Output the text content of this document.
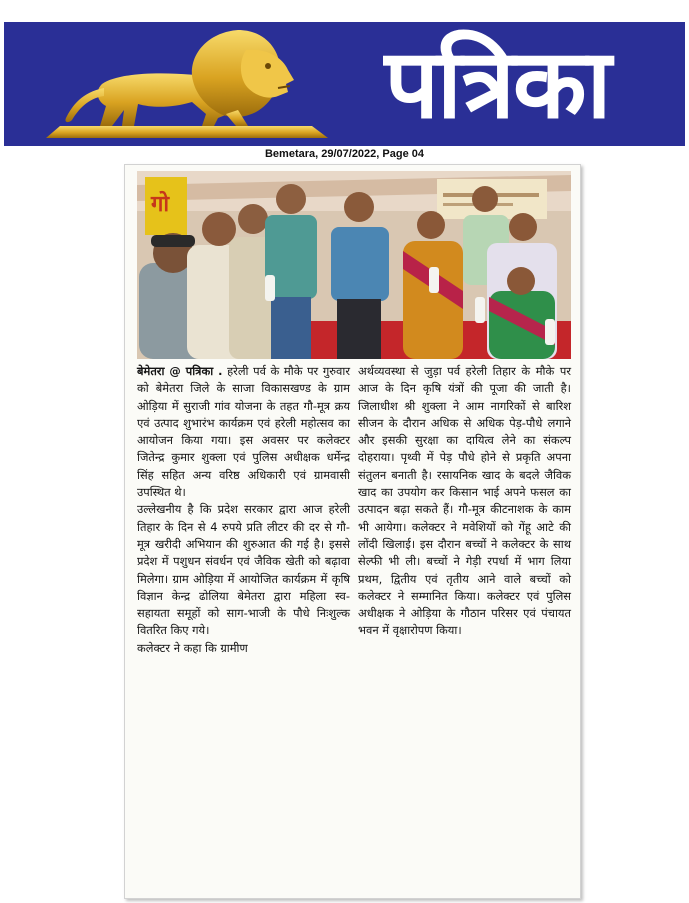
पत्रिका
Bemetara, 29/07/2022, Page 04
गो

बेमेतरा @ पत्रिका . हरेली पर्व के मौके पर गुरुवार को बेमेतरा जिले के साजा विकासखण्ड के ग्राम ओड़िया में सुराजी गांव योजना के तहत गौ-मूत्र क्रय एवं उत्पाद शुभारंभ कार्यक्रम एवं हरेली महोत्सव का आयोजन किया गया। इस अवसर पर कलेक्टर जितेन्द्र कुमार शुक्ला एवं पुलिस अधीक्षक धर्मेन्द्र सिंह सहित अन्य वरिष्ठ अधिकारी एवं ग्रामवासी उपस्थित थे।

उल्लेखनीय है कि प्रदेश सरकार द्वारा आज हरेली तिहार के दिन से 4 रुपये प्रति लीटर की दर से गौ-मूत्र खरीदी अभियान की शुरुआत की गई है। इससे प्रदेश में पशुधन संवर्धन एवं जैविक खेती को बढ़ावा मिलेगा। ग्राम ओड़िया में आयोजित कार्यक्रम में कृषि विज्ञान केन्द्र ढोलिया बेमेतरा द्वारा महिला स्व-सहायता समूहों को साग-भाजी के पौधे निःशुल्क वितरित किए गये।

कलेक्टर ने कहा कि ग्रामीण

अर्थव्यवस्था से जुड़ा पर्व हरेली तिहार के मौके पर आज के दिन कृषि यंत्रों की पूजा की जाती है। जिलाधीश श्री शुक्ला ने आम नागरिकों से बारिश सीजन के दौरान अधिक से अधिक पेड़-पौधे लगाने और इसकी सुरक्षा का दायित्व लेने का संकल्प दोहराया। पृथ्वी में पेड़ पौधे होने से प्रकृति अपना संतुलन बनाती है। रसायनिक खाद के बदले जैविक खाद का उपयोग कर किसान भाई अपने फसल का उत्पादन बढ़ा सकते हैं। गौ-मूत्र कीटनाशक के काम भी आयेगा। कलेक्टर ने मवेशियों को गेंहू आटे की लोंदी खिलाई। इस दौरान बच्चों ने कलेक्टर के साथ सेल्फी भी ली। बच्चों ने गेड़ी रपर्धा में भाग लिया प्रथम, द्वितीय एवं तृतीय आने वाले बच्चों को कलेक्टर ने सम्मानित किया। कलेक्टर एवं पुलिस अधीक्षक ने ओड़िया के गौठान परिसर एवं पंचायत भवन में वृक्षारोपण किया।
